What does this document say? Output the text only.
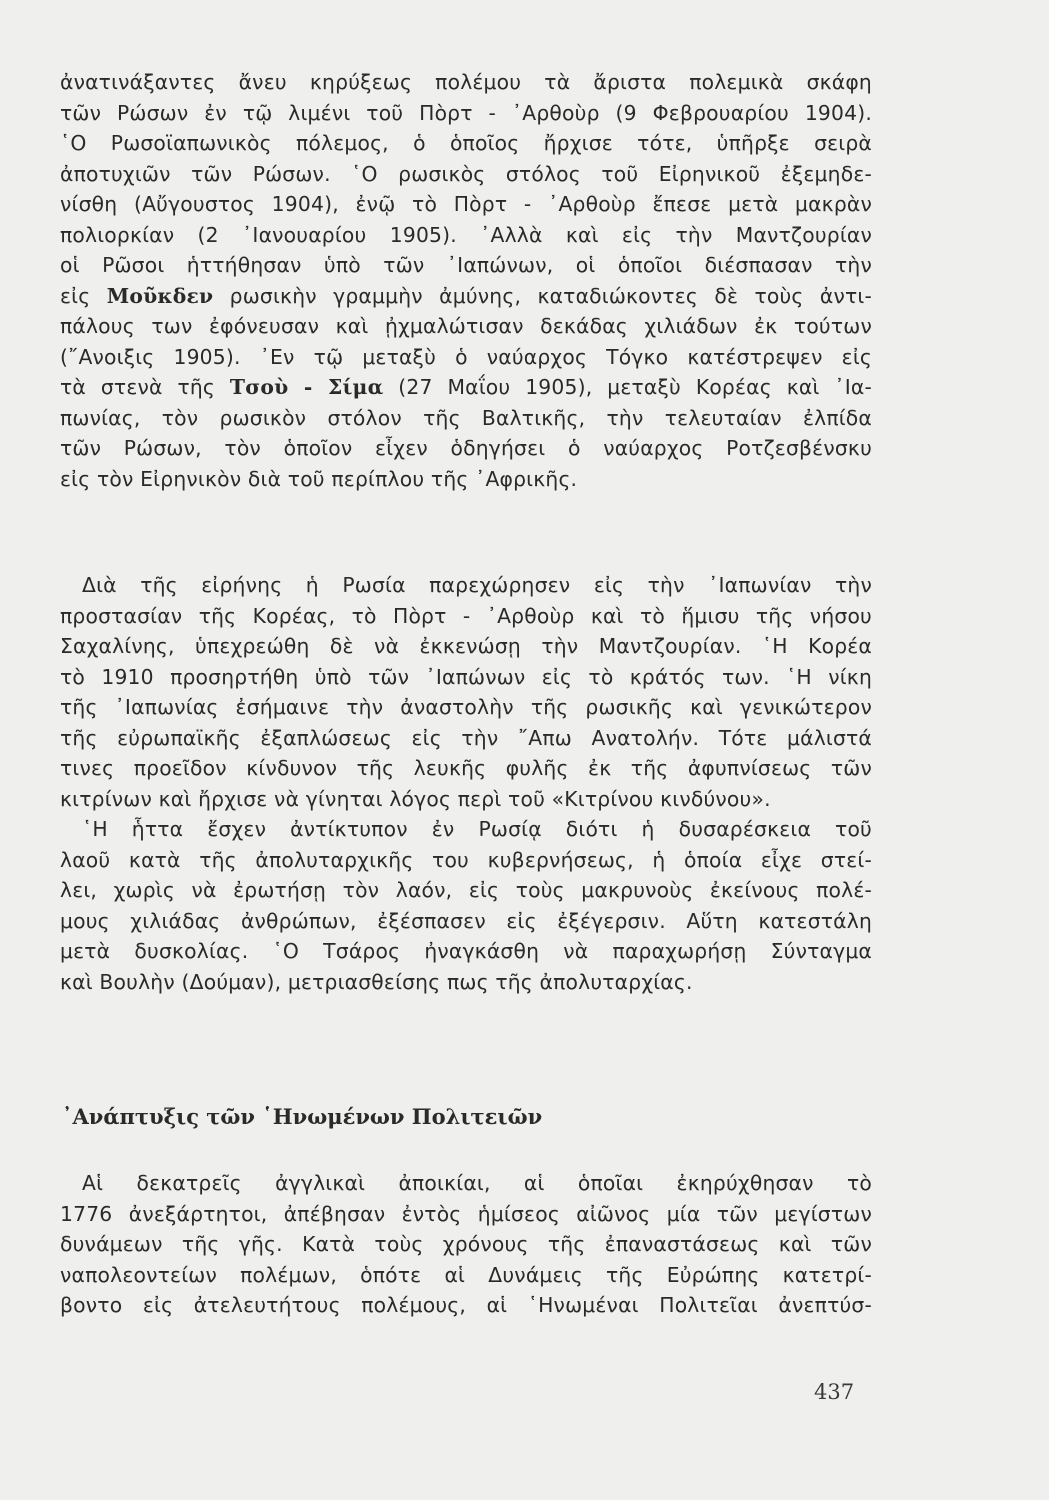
ἀνατινάξαντες ἄνευ κηρύξεως πολέμου τὰ ἄριστα πολεμικὰ σκάφη
τῶν Ρώσων ἐν τῷ λιμένι τοῦ Πὸρτ - ᾿Αρθοὺρ (9 Φεβρουαρίου 1904).
῾Ο Ρωσοϊαπωνικὸς πόλεμος, ὁ ὁποῖος ἤρχισε τότε, ὑπῆρξε σειρὰ
ἀποτυχιῶν τῶν Ρώσων. ῾Ο ρωσικὸς στόλος τοῦ Εἰρηνικοῦ ἐξεμηδε-
νίσθη (Αὔγουστος 1904), ἐνῷ τὸ Πὸρτ - ᾿Αρθοὺρ ἔπεσε μετὰ μακρὰν
πολιορκίαν (2 ᾿Ιανουαρίου 1905). ᾿Αλλὰ καὶ εἰς τὴν Μαντζουρίαν
οἱ Ρῶσοι ἡττήθησαν ὑπὸ τῶν ᾿Ιαπώνων, οἱ ὁποῖοι διέσπασαν τὴν
εἰς Μοῦκδεν ρωσικὴν γραμμὴν ἀμύνης, καταδιώκοντες δὲ τοὺς ἀντι-
πάλους των ἐφόνευσαν καὶ ᾐχμαλώτισαν δεκάδας χιλιάδων ἐκ τούτων
(῎Ανοιξις 1905). ᾿Εν τῷ μεταξὺ ὁ ναύαρχος Τόγκο κατέστρεψεν εἰς
τὰ στενὰ τῆς Τσοὺ - Σίμα (27 Μαΐου 1905), μεταξὺ Κορέας καὶ ᾿Ια-
πωνίας, τὸν ρωσικὸν στόλον τῆς Βαλτικῆς, τὴν τελευταίαν ἐλπίδα
τῶν Ρώσων, τὸν ὁποῖον εἶχεν ὁδηγήσει ὁ ναύαρχος Ροτζεσβένσκυ
εἰς τὸν Εἰρηνικὸν διὰ τοῦ περίπλου τῆς ᾿Αφρικῆς.
Διὰ τῆς εἰρήνης ἡ Ρωσία παρεχώρησεν εἰς τὴν ᾿Ιαπωνίαν τὴν
προστασίαν τῆς Κορέας, τὸ Πὸρτ - ᾿Αρθοὺρ καὶ τὸ ἥμισυ τῆς νήσου
Σαχαλίνης, ὑπεχρεώθη δὲ νὰ ἐκκενώσῃ τὴν Μαντζουρίαν. ῾Η Κορέα
τὸ 1910 προσηρτήθη ὑπὸ τῶν ᾿Ιαπώνων εἰς τὸ κράτός των. ῾Η νίκη
τῆς ᾿Ιαπωνίας ἐσήμαινε τὴν ἀναστολὴν τῆς ρωσικῆς καὶ γενικώτερον
τῆς εὐρωπαϊκῆς ἐξαπλώσεως εἰς τὴν ῎Απω Ανατολήν. Τότε μάλιστά
τινες προεῖδον κίνδυνον τῆς λευκῆς φυλῆς ἐκ τῆς ἀφυπνίσεως τῶν
κιτρίνων καὶ ἤρχισε νὰ γίνηται λόγος περὶ τοῦ «Κιτρίνου κινδύνου».
῾Η ἧττα ἔσχεν ἀντίκτυπον ἐν Ρωσίᾳ διότι ἡ δυσαρέσκεια τοῦ
λαοῦ κατὰ τῆς ἀπολυταρχικῆς του κυβερνήσεως, ἡ ὁποία εἶχε στεί-
λει, χωρὶς νὰ ἐρωτήσῃ τὸν λαόν, εἰς τοὺς μακρυνοὺς ἐκείνους πολέ-
μους χιλιάδας ἀνθρώπων, ἐξέσπασεν εἰς ἐξέγερσιν. Αὕτη κατεστάλη
μετὰ δυσκολίας. ῾Ο Τσάρος ἠναγκάσθη νὰ παραχωρήσῃ Σύνταγμα
καὶ Βουλὴν (Δούμαν), μετριασθείσης πως τῆς ἀπολυταρχίας.
᾿Ανάπτυξις τῶν ῾Ηνωμένων Πολιτειῶν
Αἱ δεκατρεῖς ἀγγλικαὶ ἀποικίαι, αἱ ὁποῖαι ἐκηρύχθησαν τὸ
1776 ἀνεξάρτητοι, ἀπέβησαν ἐντὸς ἡμίσεος αἰῶνος μία τῶν μεγίστων
δυνάμεων τῆς γῆς. Κατὰ τοὺς χρόνους τῆς ἐπαναστάσεως καὶ τῶν
ναπολεοντείων πολέμων, ὁπότε αἱ Δυνάμεις τῆς Εὐρώπης κατετρί-
βοντο εἰς ἀτελευτήτους πολέμους, αἱ ῾Ηνωμέναι Πολιτεῖαι ἀνεπτύσ-
437
